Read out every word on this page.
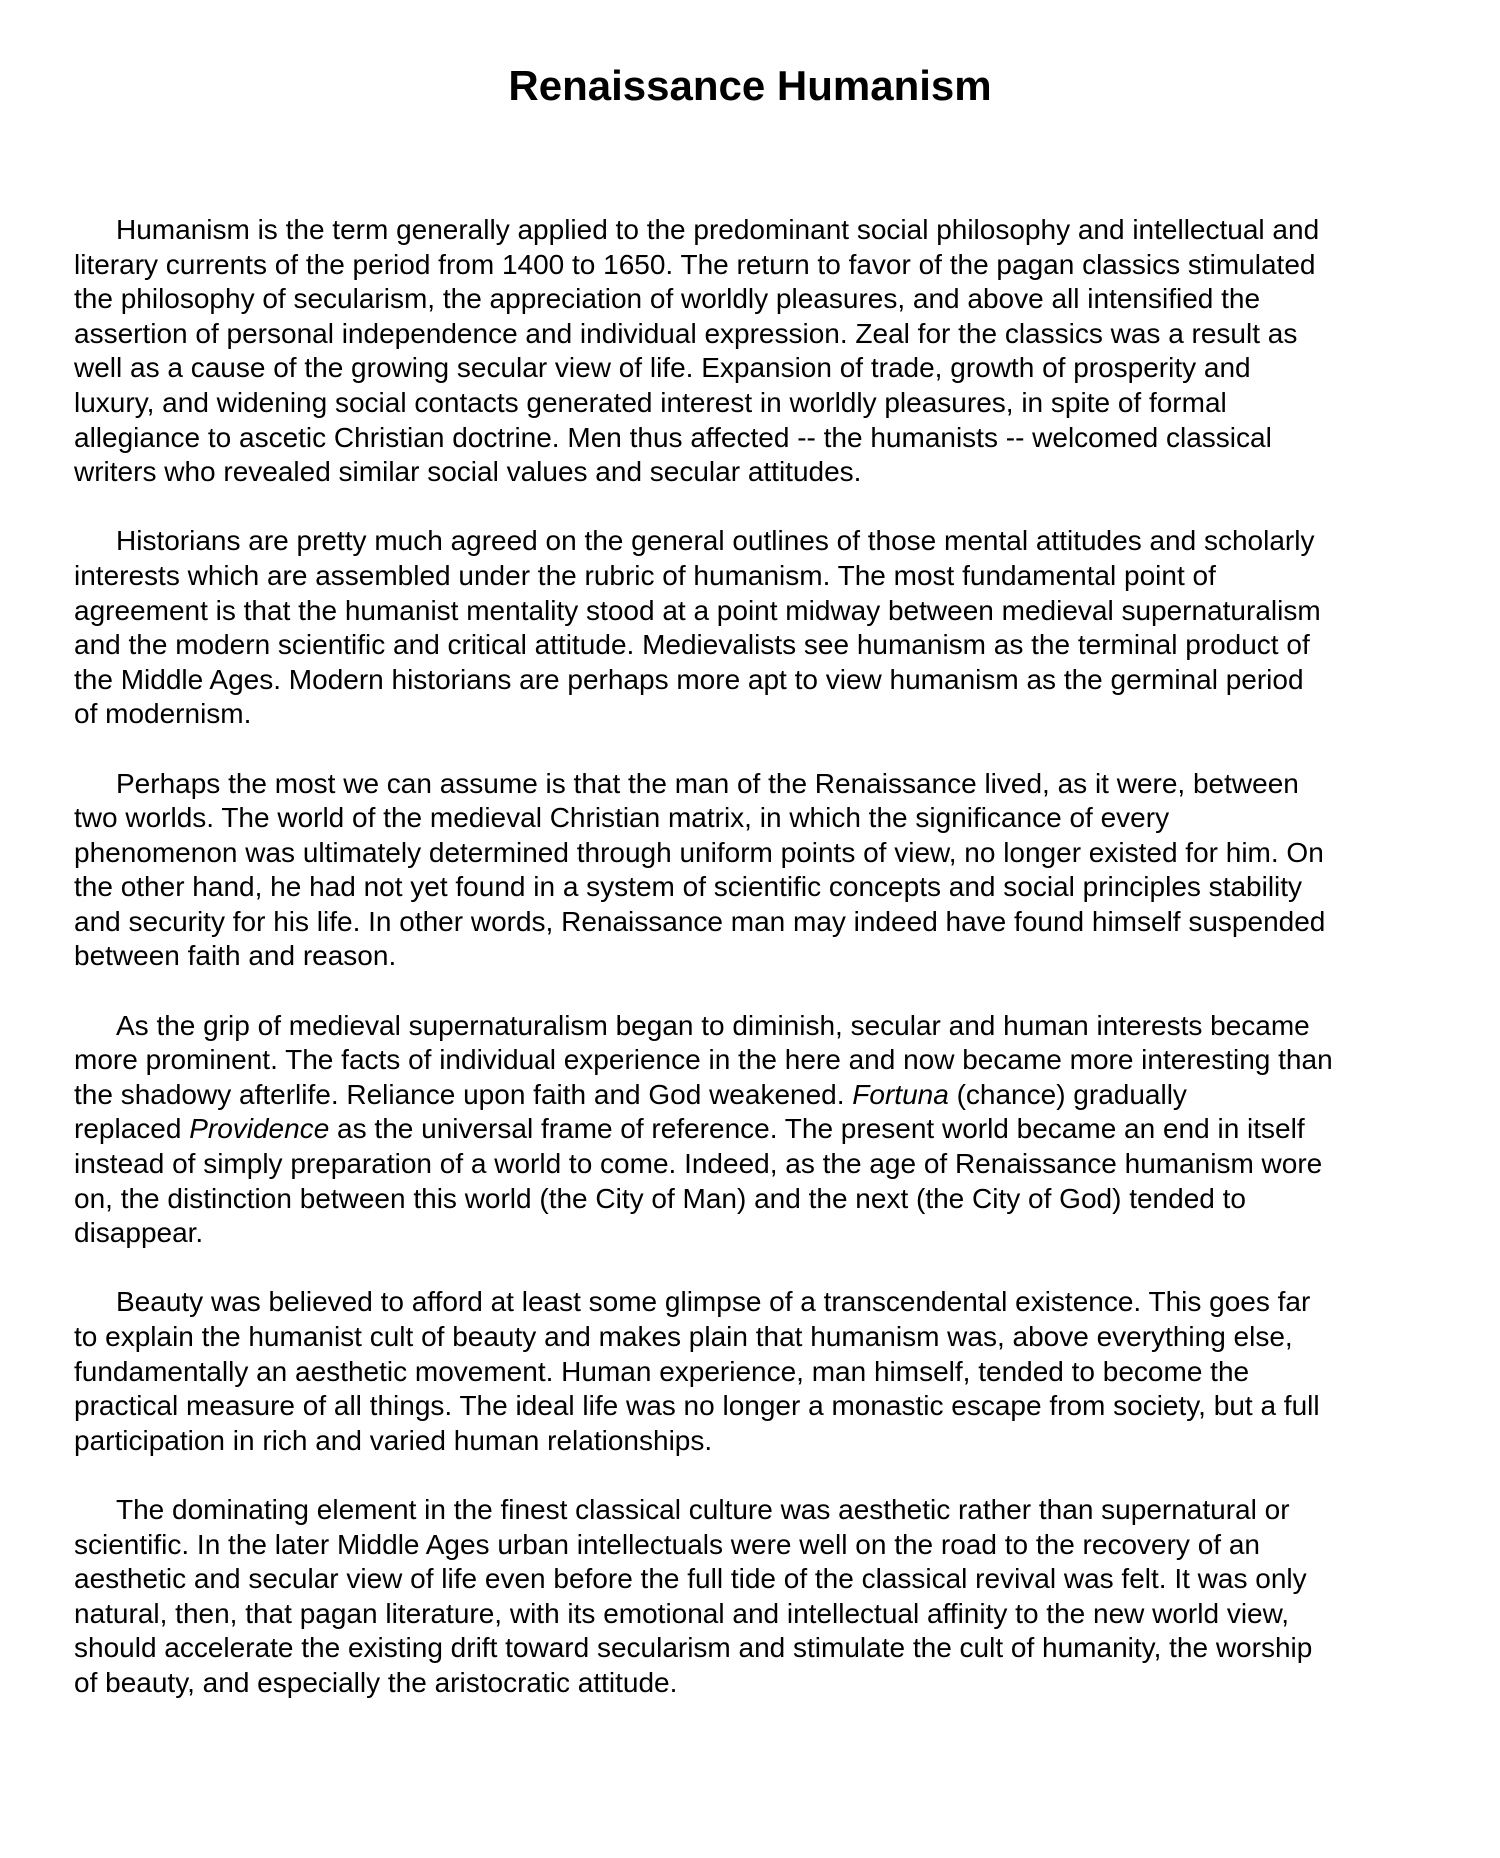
Renaissance Humanism

Humanism is the term generally applied to the predominant social philosophy and intellectual and
literary currents of the period from 1400 to 1650. The return to favor of the pagan classics stimulated
the philosophy of secularism, the appreciation of worldly pleasures, and above all intensified the
assertion of personal independence and individual expression. Zeal for the classics was a result as
well as a cause of the growing secular view of life. Expansion of trade, growth of prosperity and
luxury, and widening social contacts generated interest in worldly pleasures, in spite of formal
allegiance to ascetic Christian doctrine. Men thus affected -- the humanists -- welcomed classical
writers who revealed similar social values and secular attitudes.

Historians are pretty much agreed on the general outlines of those mental attitudes and scholarly
interests which are assembled under the rubric of humanism. The most fundamental point of
agreement is that the humanist mentality stood at a point midway between medieval supernaturalism
and the modern scientific and critical attitude. Medievalists see humanism as the terminal product of
the Middle Ages. Modern historians are perhaps more apt to view humanism as the germinal period
of modernism.

Perhaps the most we can assume is that the man of the Renaissance lived, as it were, between
two worlds. The world of the medieval Christian matrix, in which the significance of every
phenomenon was ultimately determined through uniform points of view, no longer existed for him. On
the other hand, he had not yet found in a system of scientific concepts and social principles stability
and security for his life. In other words, Renaissance man may indeed have found himself suspended
between faith and reason.

As the grip of medieval supernaturalism began to diminish, secular and human interests became
more prominent. The facts of individual experience in the here and now became more interesting than
the shadowy afterlife. Reliance upon faith and God weakened. Fortuna (chance) gradually
replaced Providence as the universal frame of reference. The present world became an end in itself
instead of simply preparation of a world to come. Indeed, as the age of Renaissance humanism wore
on, the distinction between this world (the City of Man) and the next (the City of God) tended to
disappear.

Beauty was believed to afford at least some glimpse of a transcendental existence. This goes far
to explain the humanist cult of beauty and makes plain that humanism was, above everything else,
fundamentally an aesthetic movement. Human experience, man himself, tended to become the
practical measure of all things. The ideal life was no longer a monastic escape from society, but a full
participation in rich and varied human relationships.

The dominating element in the finest classical culture was aesthetic rather than supernatural or
scientific. In the later Middle Ages urban intellectuals were well on the road to the recovery of an
aesthetic and secular view of life even before the full tide of the classical revival was felt. It was only
natural, then, that pagan literature, with its emotional and intellectual affinity to the new world view,
should accelerate the existing drift toward secularism and stimulate the cult of humanity, the worship
of beauty, and especially the aristocratic attitude.
